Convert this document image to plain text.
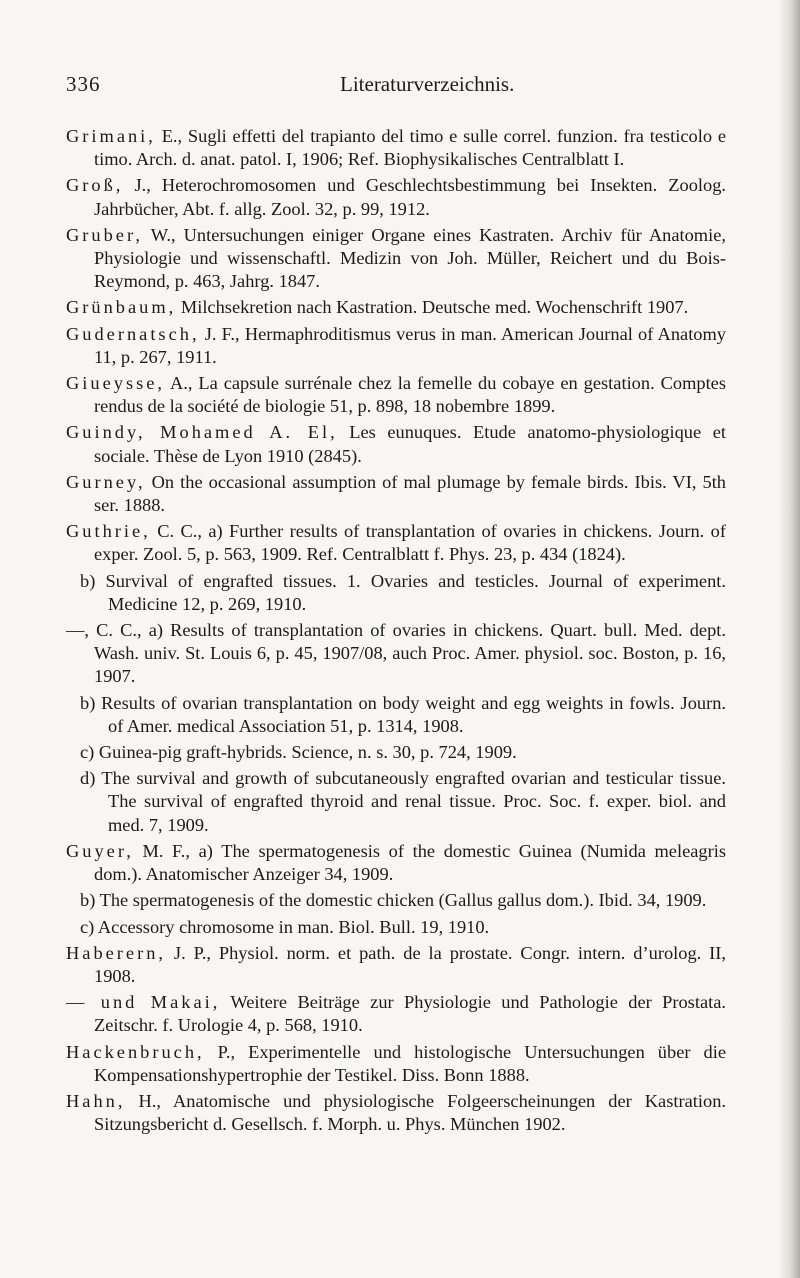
336	Literaturverzeichnis.

Grimani, E., Sugli effetti del trapianto del timo e sulle correl. funzion. fra testicolo e timo. Arch. d. anat. patol. I, 1906; Ref. Biophysikalisches Centralblatt I.

Groß, J., Heterochromosomen und Geschlechtsbestimmung bei Insekten. Zoolog. Jahrbücher, Abt. f. allg. Zool. 32, p. 99, 1912.

Gruber, W., Untersuchungen einiger Organe eines Kastraten. Archiv für Anatomie, Physiologie und wissenschaftl. Medizin von Joh. Müller, Reichert und du Bois-Reymond, p. 463, Jahrg. 1847.

Grünbaum, Milchsekretion nach Kastration. Deutsche med. Wochenschrift 1907.

Gudernatsch, J. F., Hermaphroditismus verus in man. American Journal of Anatomy 11, p. 267, 1911.

Giueysse, A., La capsule surrénale chez la femelle du cobaye en gestation. Comptes rendus de la société de biologie 51, p. 898, 18 nobembre 1899.

Guindy, Mohamed A. El, Les eunuques. Etude anatomo-physiologique et sociale. Thèse de Lyon 1910 (2845).

Gurney, On the occasional assumption of mal plumage by female birds. Ibis. VI, 5th ser. 1888.

Guthrie, C. C., a) Further results of transplantation of ovaries in chickens. Journ. of exper. Zool. 5, p. 563, 1909. Ref. Centralblatt f. Phys. 23, p. 434 (1824).

b) Survival of engrafted tissues. 1. Ovaries and testicles. Journal of experiment. Medicine 12, p. 269, 1910.

—, C. C., a) Results of transplantation of ovaries in chickens. Quart. bull. Med. dept. Wash. univ. St. Louis 6, p. 45, 1907/08, auch Proc. Amer. physiol. soc. Boston, p. 16, 1907.

b) Results of ovarian transplantation on body weight and egg weights in fowls. Journ. of Amer. medical Association 51, p. 1314, 1908.

c) Guinea-pig graft-hybrids. Science, n. s. 30, p. 724, 1909.

d) The survival and growth of subcutaneously engrafted ovarian and testicular tissue. The survival of engrafted thyroid and renal tissue. Proc. Soc. f. exper. biol. and med. 7, 1909.

Guyer, M. F., a) The spermatogenesis of the domestic Guinea (Numida meleagris dom.). Anatomischer Anzeiger 34, 1909.

b) The spermatogenesis of the domestic chicken (Gallus gallus dom.). Ibid. 34, 1909.

c) Accessory chromosome in man. Biol. Bull. 19, 1910.

Haberern, J. P., Physiol. norm. et path. de la prostate. Congr. intern. d’urolog. II, 1908.

— und Makai, Weitere Beiträge zur Physiologie und Pathologie der Prostata. Zeitschr. f. Urologie 4, p. 568, 1910.

Hackenbruch, P., Experimentelle und histologische Untersuchungen über die Kompensationshypertrophie der Testikel. Diss. Bonn 1888.

Hahn, H., Anatomische und physiologische Folgeerscheinungen der Kastration. Sitzungsbericht d. Gesellsch. f. Morph. u. Phys. München 1902.
